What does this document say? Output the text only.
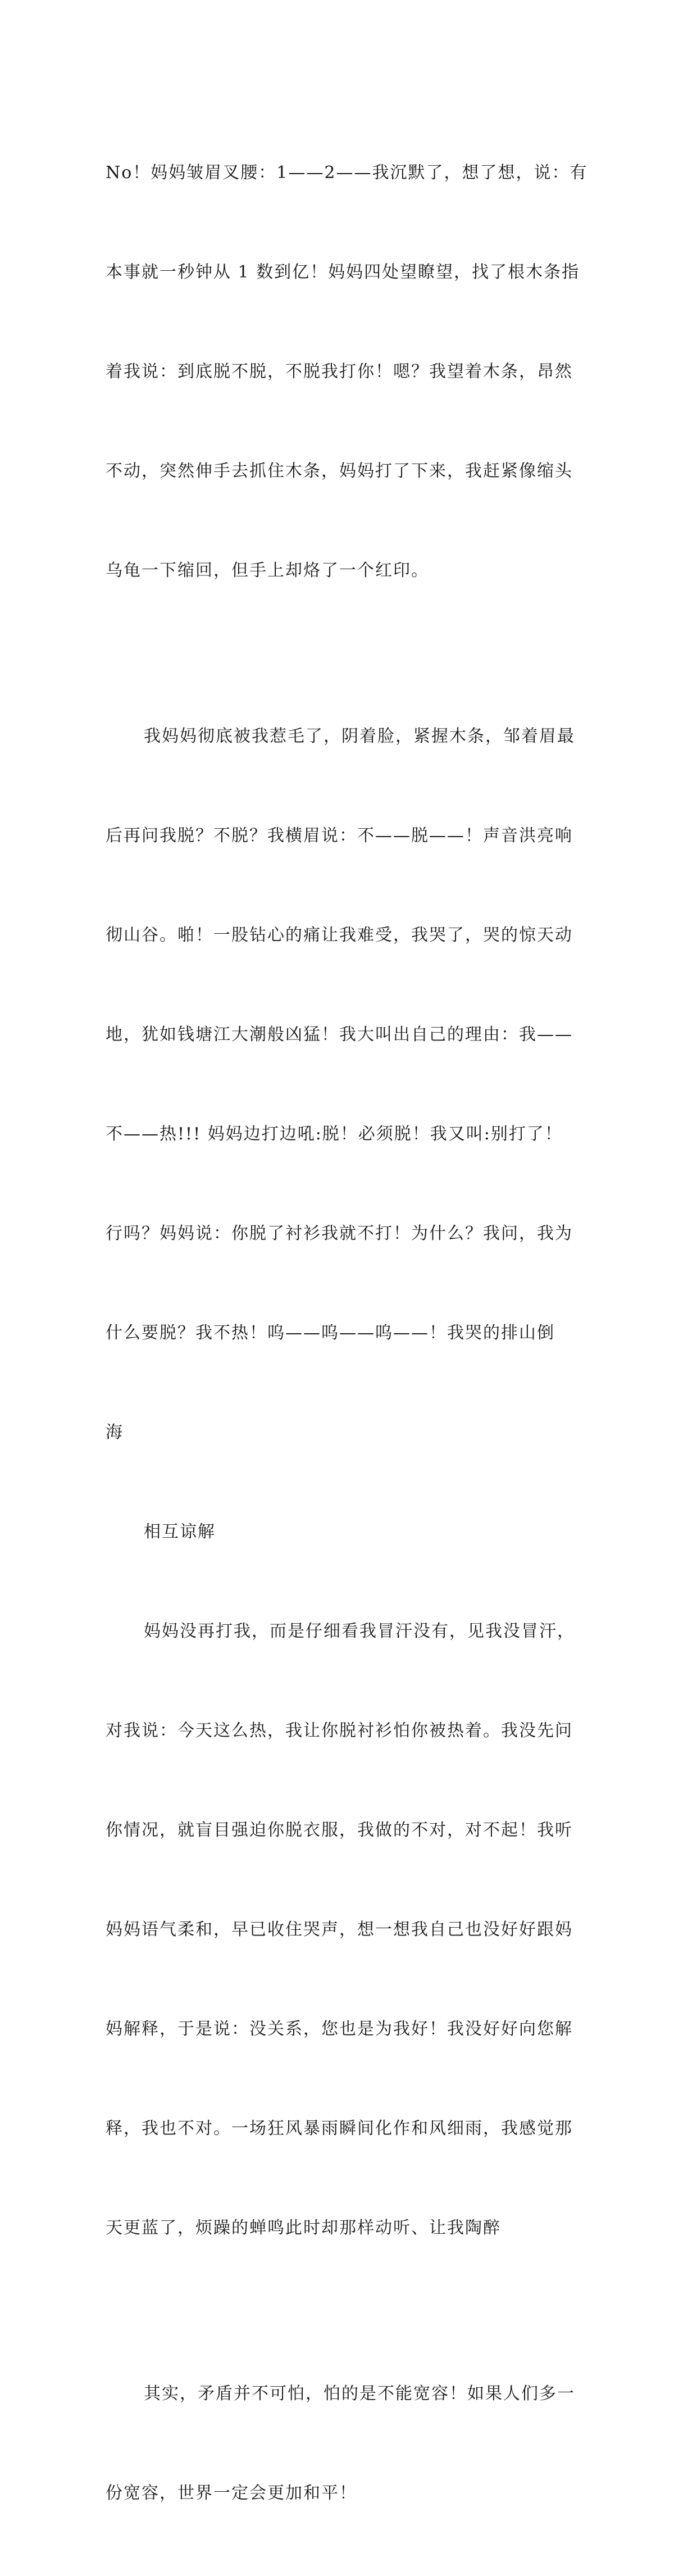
No！妈妈皱眉叉腰：1——2——我沉默了，想了想，说：有

本事就一秒钟从 1 数到亿！妈妈四处望瞭望，找了根木条指

着我说：到底脱不脱，不脱我打你！嗯？我望着木条，昂然

不动，突然伸手去抓住木条，妈妈打了下来，我赶紧像缩头

乌龟一下缩回，但手上却烙了一个红印。

我妈妈彻底被我惹毛了，阴着脸，紧握木条，邹着眉最

后再问我脱？不脱？我横眉说：不——脱——！声音洪亮响

彻山谷。啪！一股钻心的痛让我难受，我哭了，哭的惊天动

地，犹如钱塘江大潮般凶猛！我大叫出自己的理由：我——

不——热!!! 妈妈边打边吼:脱！必须脱！我又叫:别打了！

行吗？妈妈说：你脱了衬衫我就不打！为什么？我问，我为

什么要脱？我不热！呜——呜——呜——！我哭的排山倒

海

相互谅解

妈妈没再打我，而是仔细看我冒汗没有，见我没冒汗，

对我说：今天这么热，我让你脱衬衫怕你被热着。我没先问

你情况，就盲目强迫你脱衣服，我做的不对，对不起！我听

妈妈语气柔和，早已收住哭声，想一想我自己也没好好跟妈

妈解释，于是说：没关系，您也是为我好！我没好好向您解

释，我也不对。一场狂风暴雨瞬间化作和风细雨，我感觉那

天更蓝了，烦躁的蝉鸣此时却那样动听、让我陶醉

其实，矛盾并不可怕，怕的是不能宽容！如果人们多一

份宽容，世界一定会更加和平！
